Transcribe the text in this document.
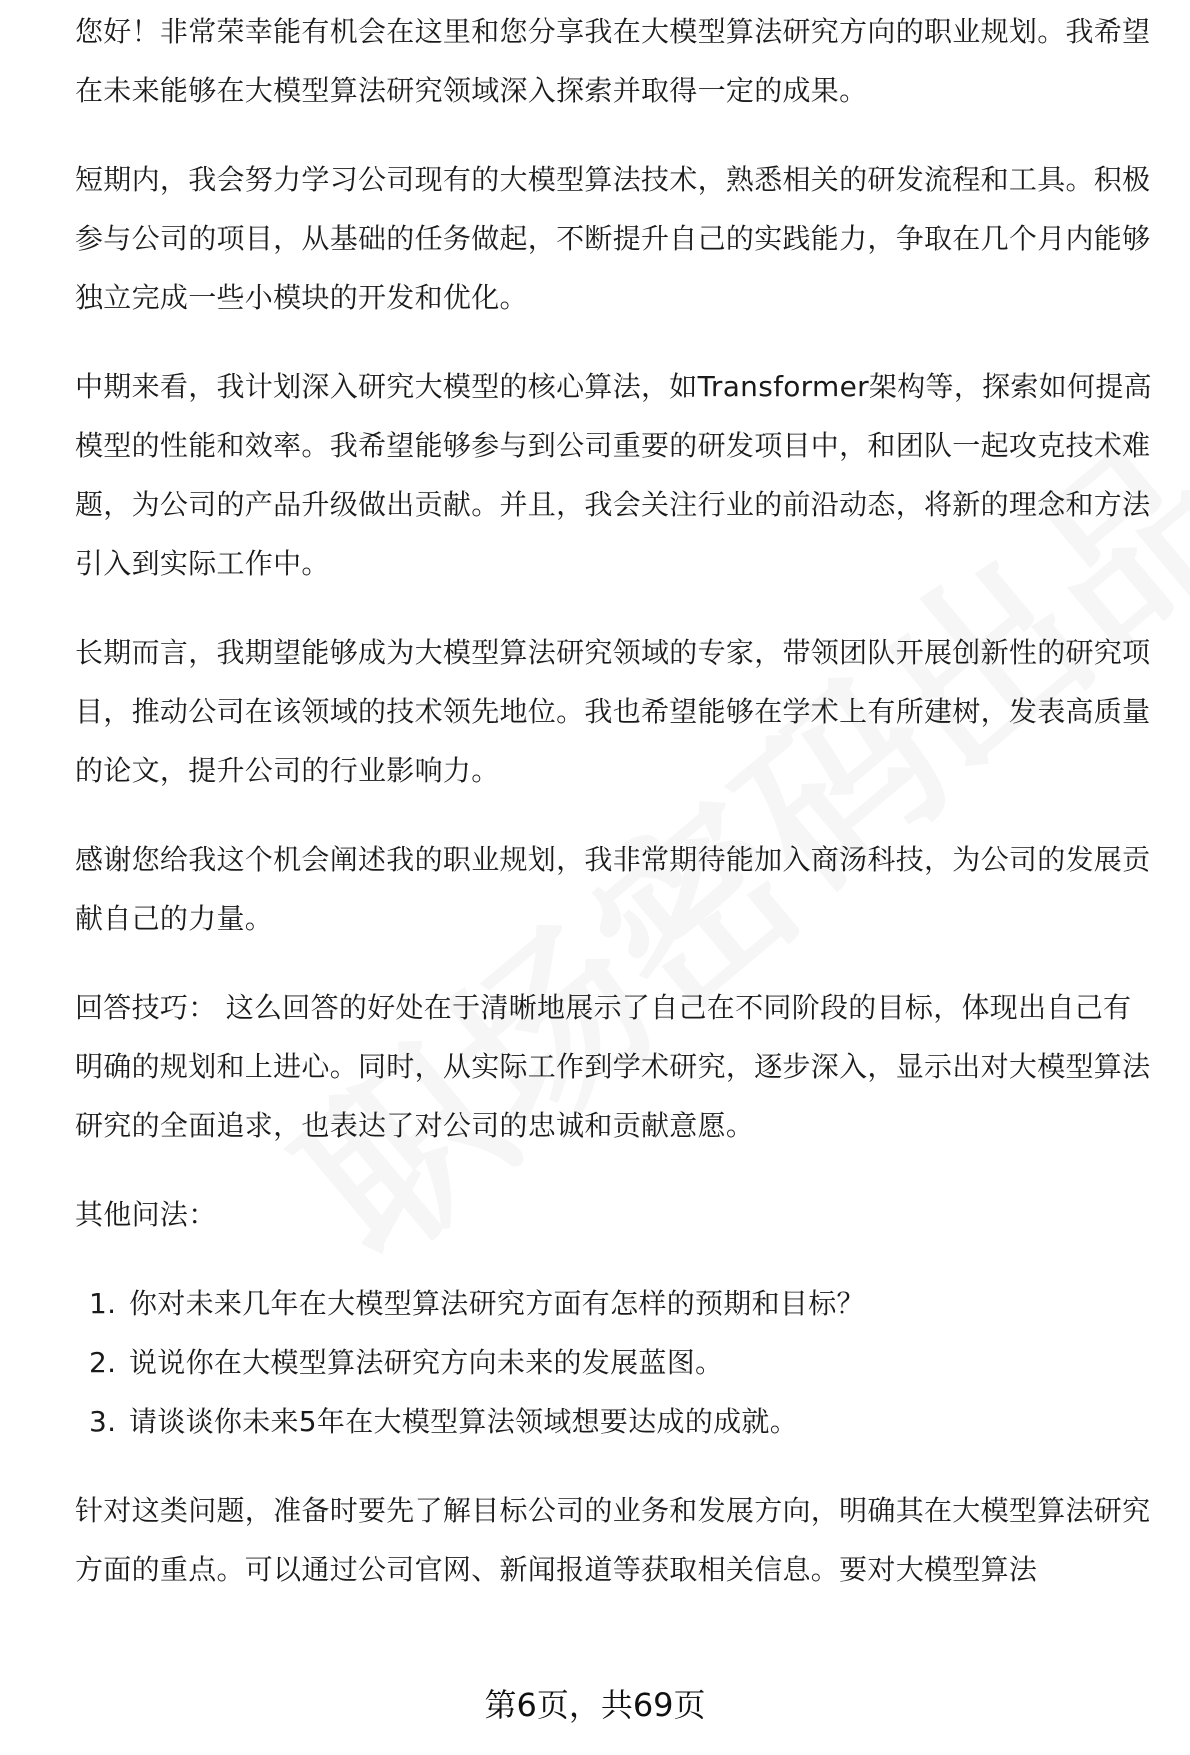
您好！非常荣幸能有机会在这里和您分享我在大模型算法研究方向的职业规划。我希望在未来能够在大模型算法研究领域深入探索并取得一定的成果。

短期内，我会努力学习公司现有的大模型算法技术，熟悉相关的研发流程和工具。积极参与公司的项目，从基础的任务做起，不断提升自己的实践能力，争取在几个月内能够独立完成一些小模块的开发和优化。

中期来看，我计划深入研究大模型的核心算法，如Transformer架构等，探索如何提高模型的性能和效率。我希望能够参与到公司重要的研发项目中，和团队一起攻克技术难题，为公司的产品升级做出贡献。并且，我会关注行业的前沿动态，将新的理念和方法引入到实际工作中。

长期而言，我期望能够成为大模型算法研究领域的专家，带领团队开展创新性的研究项目，推动公司在该领域的技术领先地位。我也希望能够在学术上有所建树，发表高质量的论文，提升公司的行业影响力。

感谢您给我这个机会阐述我的职业规划，我非常期待能加入商汤科技，为公司的发展贡献自己的力量。

回答技巧： 这么回答的好处在于清晰地展示了自己在不同阶段的目标，体现出自己有明确的规划和上进心。同时，从实际工作到学术研究，逐步深入，显示出对大模型算法研究的全面追求，也表达了对公司的忠诚和贡献意愿。

其他问法：

1. 你对未来几年在大模型算法研究方面有怎样的预期和目标？
2. 说说你在大模型算法研究方向未来的发展蓝图。
3. 请谈谈你未来5年在大模型算法领域想要达成的成就。

针对这类问题，准备时要先了解目标公司的业务和发展方向，明确其在大模型算法研究方面的重点。可以通过公司官网、新闻报道等获取相关信息。要对大模型算法

第6页，共69页
